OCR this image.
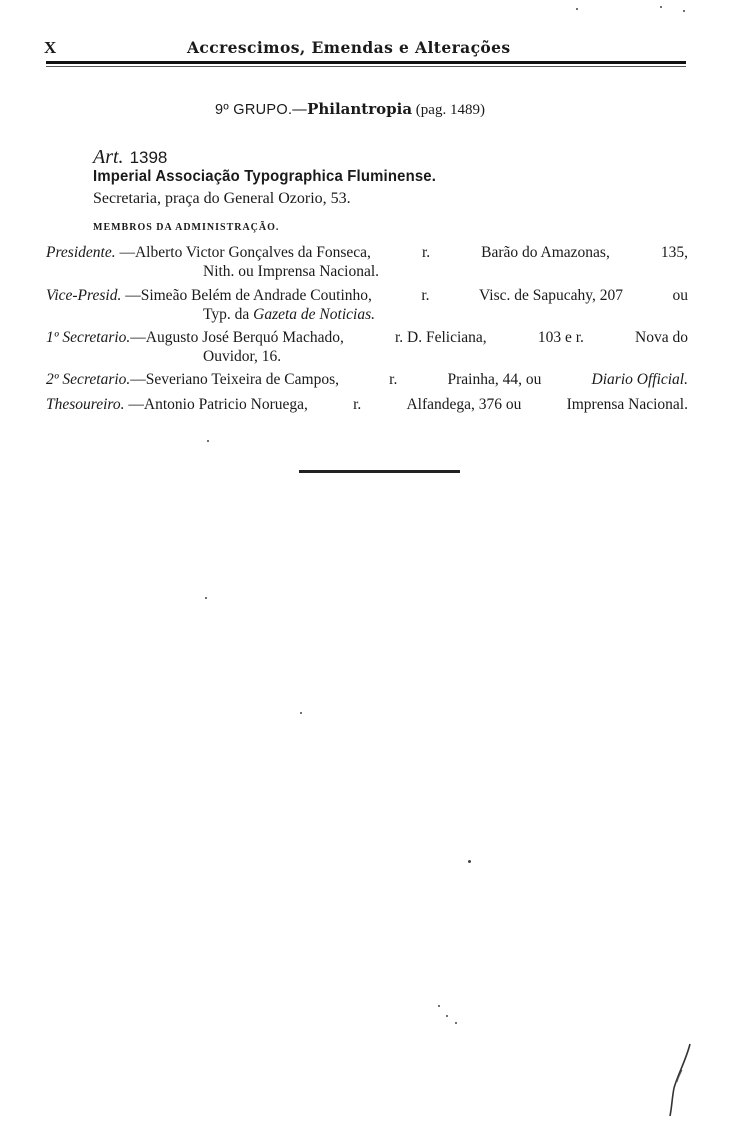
X	Accrescimos, Emendas e Alterações
9º GRUPO.—Philantropia (pag. 1489)
Art. 1398
Imperial Associação Typographica Fluminense.
Secretaria, praça do General Ozorio, 53.
MEMBROS DA ADMINISTRAÇÃO.
Presidente. —Alberto Victor Gonçalves da Fonseca,	r.	Barão do Amazonas,	135,
Nith. ou Imprensa Nacional.
Vice-Presid. —Simeão Belém de Andrade Coutinho,	r.	Visc. de Sapucahy, 207	ou
Typ. da Gazeta de Noticias.
1º Secretario.—Augusto José Berquó Machado,	r. D. Feliciana,	103 e r.	Nova do
Ouvidor, 16.
2º Secretario.—Severiano Teixeira de Campos,	r.	Prainha, 44, ou	Diario Official.
Thesoureiro. —Antonio Patricio Noruega,	r.	Alfandega, 376 ou	Imprensa Nacional.
